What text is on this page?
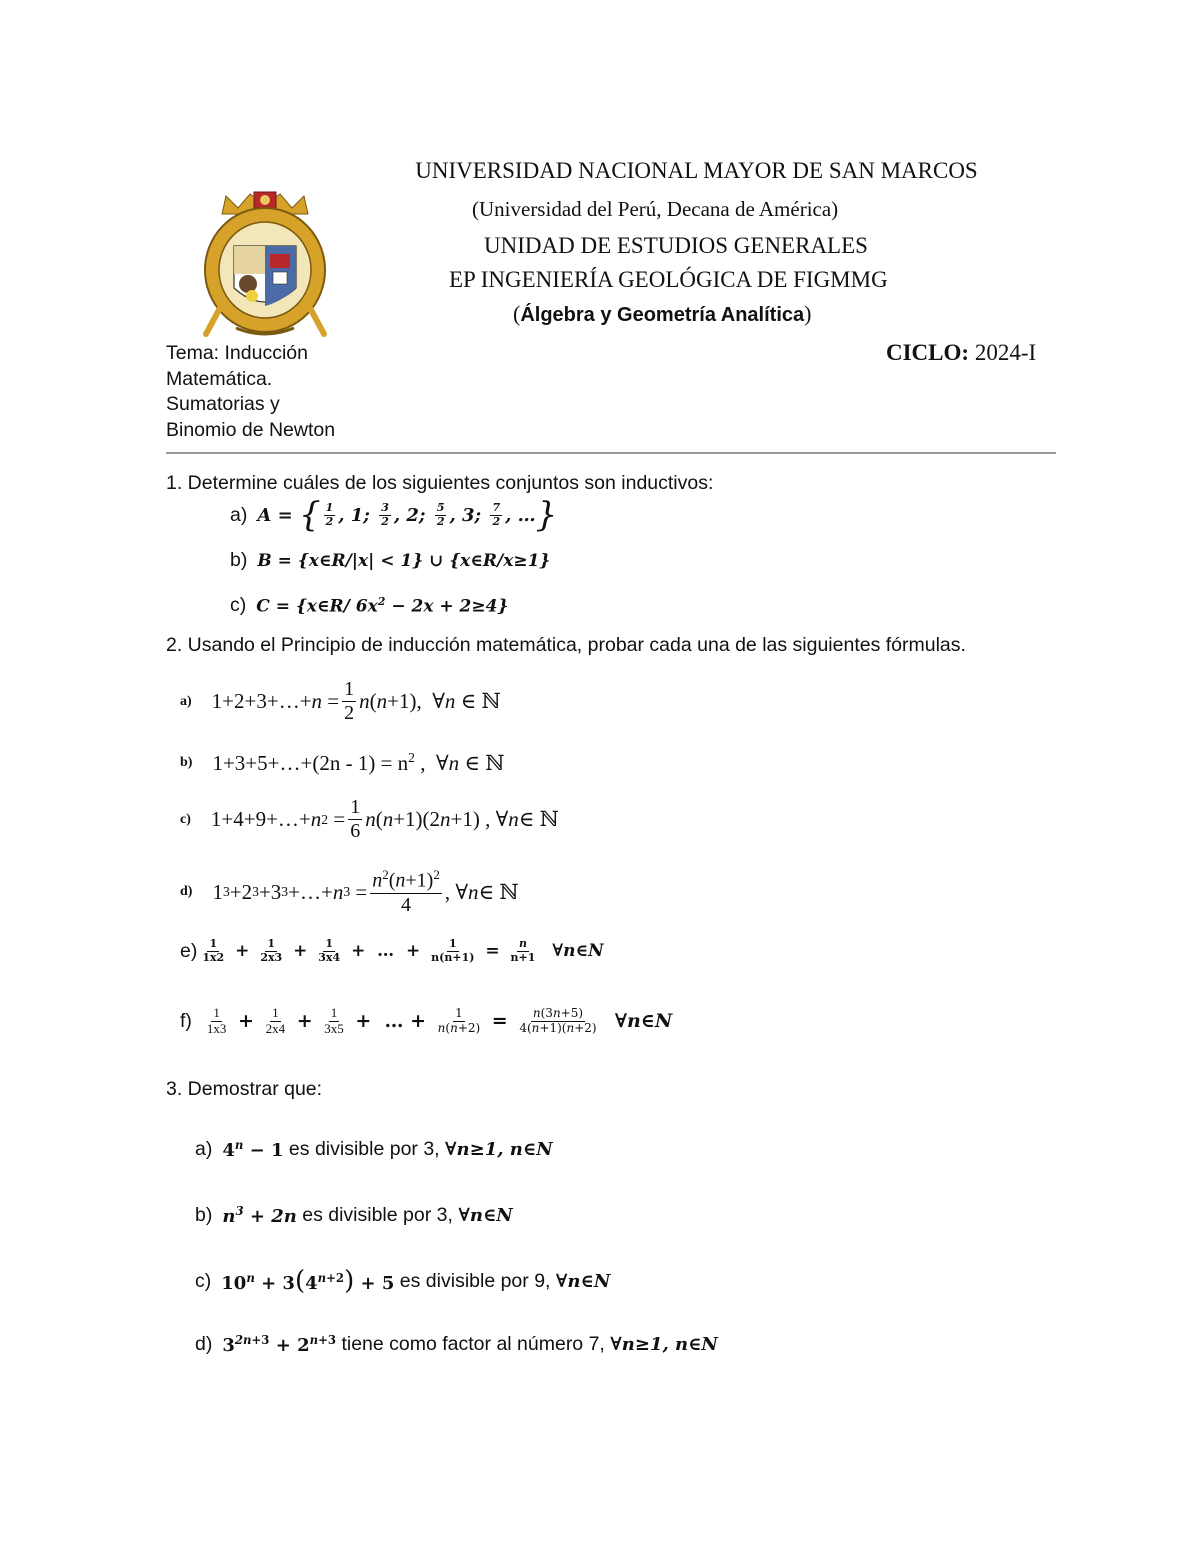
UNIVERSIDAD NACIONAL MAYOR DE SAN MARCOS
(Universidad del Perú, Decana de América)
UNIDAD DE ESTUDIOS GENERALES
EP INGENIERÍA GEOLÓGICA DE FIGMMG
(Álgebra y Geometría Analítica)
Tema: Inducción
Matemática.
Sumatorias y
Binomio de Newton
CICLO: 2024-I
1. Determine cuáles de los siguientes conjuntos son inductivos:
a) A = { $\frac{1}{2}$ , 1; $\frac{3}{2}$ , 2; $\frac{5}{2}$ , 3; $\frac{7}{2}$ , … }
b) B = {x∈R/|x| < 1} ∪ {x∈R/x≥1}
c) C = {x∈R/ $6x^2 - 2x + 2\ge 4$}
2. Usando el Principio de inducción matemática, probar cada una de las siguientes fórmulas.
a) 1+2+3+…+ $n = \frac{1}{2}$ n ( n +1),  ∀ n ∈ ℕ
b) 1+3+5+…+(2n - $1) = n^2$ ,  ∀n ∈ ℕ
c) 1+4+9+…+ n $2 = \frac{1}{6}$ n ( n +1)(2 n +1) , ∀ n ∈ ℕ
d) 1 3 +2 3 +3 3 +…+ n $3 = \frac{n^2(n+1)^2}{4}$ , ∀ n ∈ ℕ
$e) \frac{1}{1x2} + \frac{1}{2x3} + \frac{1}{3x4}$ +  …  + $\frac{1}{n(n+1)} = \frac{n}{n+1}$
∀n∈N
$f) \frac{1}{1x3} + \frac{1}{2x4} + \frac{1}{3x5}$ +  … + $\frac{1}{n(n+2)} = \frac{n(3n+5)}{4(n+1)(n+2)}$
∀n∈N
3. Demostrar que:
a) $4^n - 1$ es divisible por 3, ∀n≥1, n∈N
b) $n^3 + 2n$ es divisible por 3, ∀n∈N
c) $10^n + 3(4^{n+2}) + 5$ es divisible por 9, ∀n∈N
d) $3^{2n+3} + 2^{n+3}$ tiene como factor al número 7, ∀n≥1, n∈N
